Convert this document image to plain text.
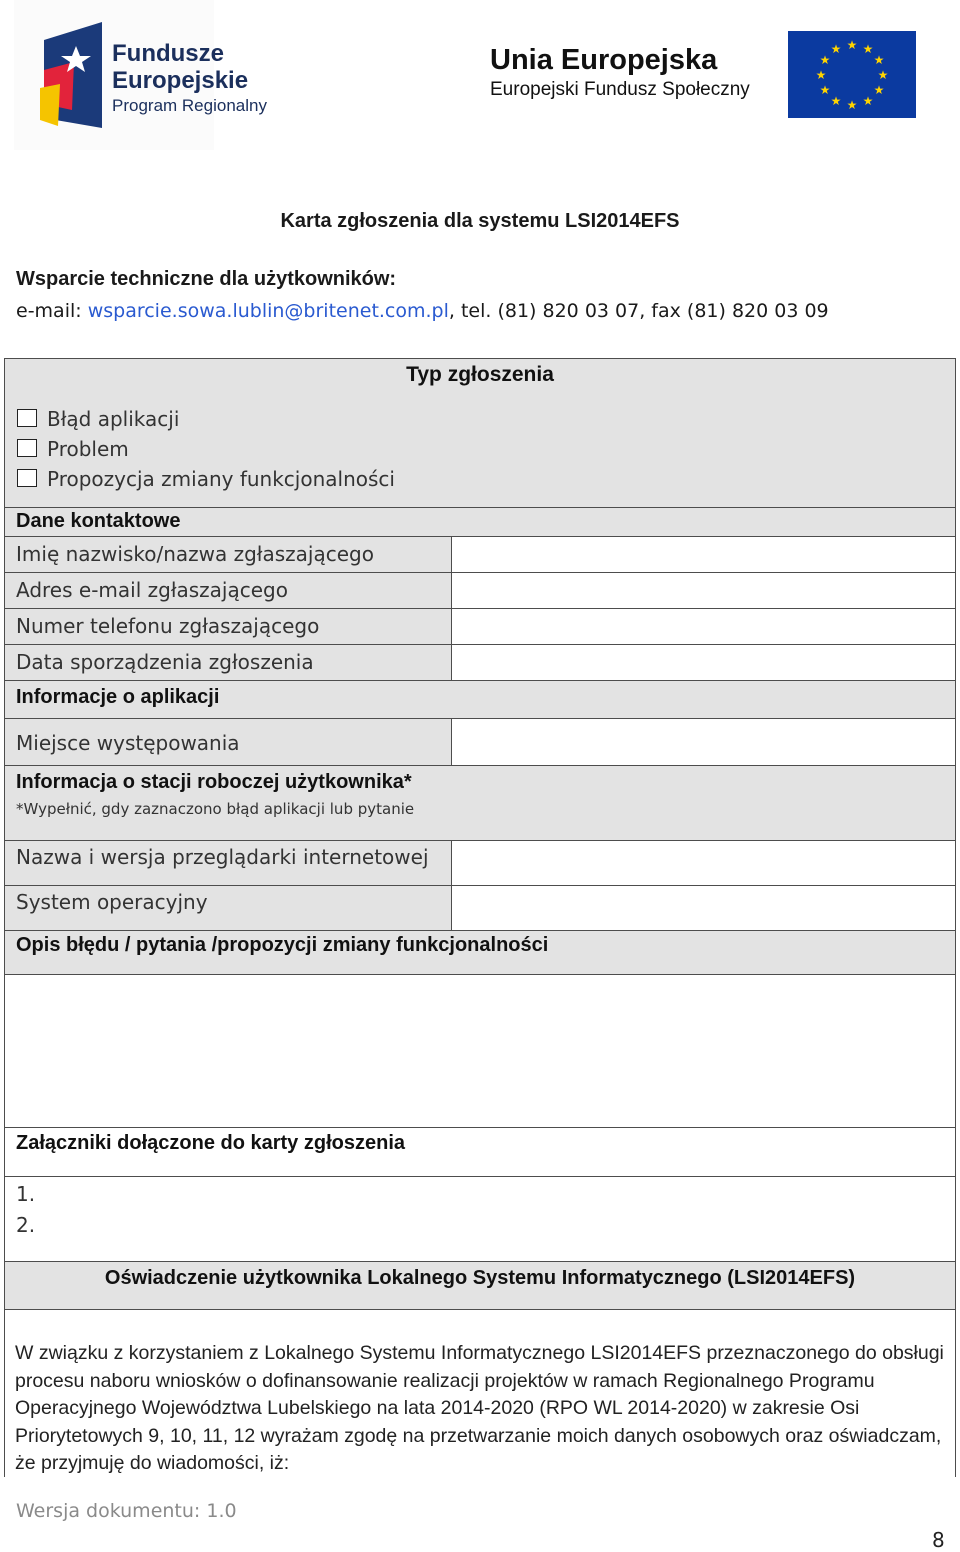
Fundusze
Europejskie
Program Regionalny
Unia Europejska
Europejski Fundusz Społeczny
★ ★
★
★
★
★
★
★
★
★
★
★
Karta zgłoszenia dla systemu LSI2014EFS
Wsparcie techniczne dla użytkowników:
e-mail: wsparcie.sowa.lublin@britenet.com.pl, tel. (81) 820 03 07, fax (81) 820 03 09
Typ zgłoszenia
Błąd aplikacji
Problem
Propozycja zmiany funkcjonalności
Dane kontaktowe
Imię nazwisko/nazwa zgłaszającego
Adres e-mail zgłaszającego
Numer telefonu zgłaszającego
Data sporządzenia zgłoszenia
Informacje o aplikacji
Miejsce występowania
Informacja o stacji roboczej użytkownika*
*Wypełnić, gdy zaznaczono błąd aplikacji lub pytanie
Nazwa i wersja przeglądarki internetowej
System operacyjny
Opis błędu / pytania /propozycji zmiany funkcjonalności
Załączniki dołączone do karty zgłoszenia
1.
2.
Oświadczenie użytkownika Lokalnego Systemu Informatycznego (LSI2014EFS)
W związku z korzystaniem z Lokalnego Systemu Informatycznego LSI2014EFS przeznaczonego do obsługi procesu naboru wniosków o dofinansowanie realizacji projektów w ramach Regionalnego Programu Operacyjnego Województwa Lubelskiego na lata 2014-2020 (RPO WL 2014-2020) w zakresie Osi Priorytetowych 9, 10, 11, 12 wyrażam zgodę na przetwarzanie moich danych osobowych oraz oświadczam, że przyjmuję do wiadomości, iż:
Wersja dokumentu: 1.0
8
